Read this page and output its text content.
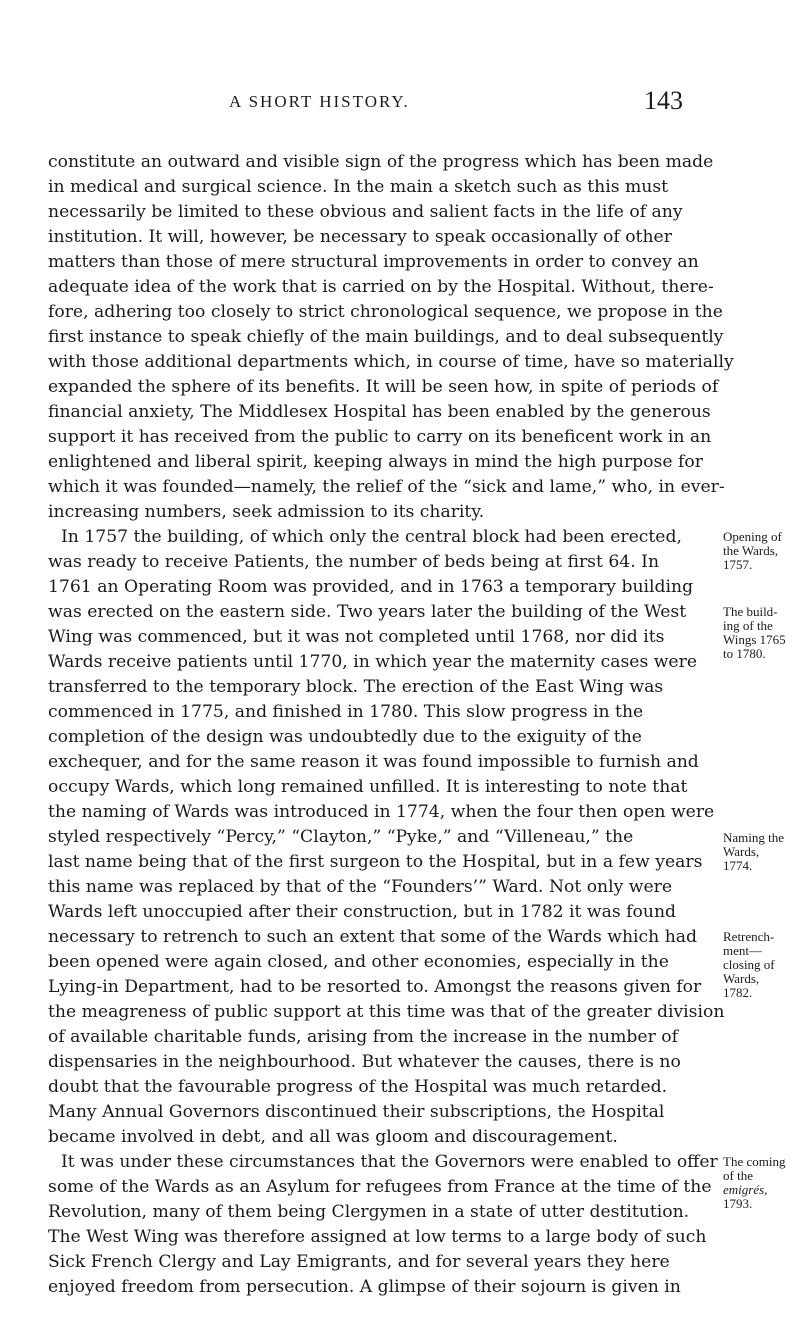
A SHORT HISTORY.	143
constitute an outward and visible sign of the progress which has been made
in medical and surgical science. In the main a sketch such as this must
necessarily be limited to these obvious and salient facts in the life of any
institution. It will, however, be necessary to speak occasionally of other
matters than those of mere structural improvements in order to convey an
adequate idea of the work that is carried on by the Hospital. Without, there-
fore, adhering too closely to strict chronological sequence, we propose in the
first instance to speak chiefly of the main buildings, and to deal subsequently
with those additional departments which, in course of time, have so materially
expanded the sphere of its benefits. It will be seen how, in spite of periods of
financial anxiety, The Middlesex Hospital has been enabled by the generous
support it has received from the public to carry on its beneficent work in an
enlightened and liberal spirit, keeping always in mind the high purpose for
which it was founded—namely, the relief of the “sick and lame,” who, in ever-
increasing numbers, seek admission to its charity.
In 1757 the building, of which only the central block had been erected,
was ready to receive Patients, the number of beds being at first 64. In
1761 an Operating Room was provided, and in 1763 a temporary building
was erected on the eastern side. Two years later the building of the West
Wing was commenced, but it was not completed until 1768, nor did its
Wards receive patients until 1770, in which year the maternity cases were
transferred to the temporary block. The erection of the East Wing was
commenced in 1775, and finished in 1780. This slow progress in the
completion of the design was undoubtedly due to the exiguity of the
exchequer, and for the same reason it was found impossible to furnish and
occupy Wards, which long remained unfilled. It is interesting to note that
the naming of Wards was introduced in 1774, when the four then open were
styled respectively “Percy,” “Clayton,” “Pyke,” and “Villeneau,” the
last name being that of the first surgeon to the Hospital, but in a few years
this name was replaced by that of the “Founders’” Ward. Not only were
Wards left unoccupied after their construction, but in 1782 it was found
necessary to retrench to such an extent that some of the Wards which had
been opened were again closed, and other economies, especially in the
Lying-in Department, had to be resorted to. Amongst the reasons given for
the meagreness of public support at this time was that of the greater division
of available charitable funds, arising from the increase in the number of
dispensaries in the neighbourhood. But whatever the causes, there is no
doubt that the favourable progress of the Hospital was much retarded.
Many Annual Governors discontinued their subscriptions, the Hospital
became involved in debt, and all was gloom and discouragement.
It was under these circumstances that the Governors were enabled to offer
some of the Wards as an Asylum for refugees from France at the time of the
Revolution, many of them being Clergymen in a state of utter destitution.
The West Wing was therefore assigned at low terms to a large body of such
Sick French Clergy and Lay Emigrants, and for several years they here
enjoyed freedom from persecution. A glimpse of their sojourn is given in
Opening of
the Wards,
1757.
The build-
ing of the
Wings 1765
to 1780.
Naming the
Wards,
1774.
Retrench-
ment—
closing of
Wards,
1782.
The coming
of the
emigrés,
1793.
